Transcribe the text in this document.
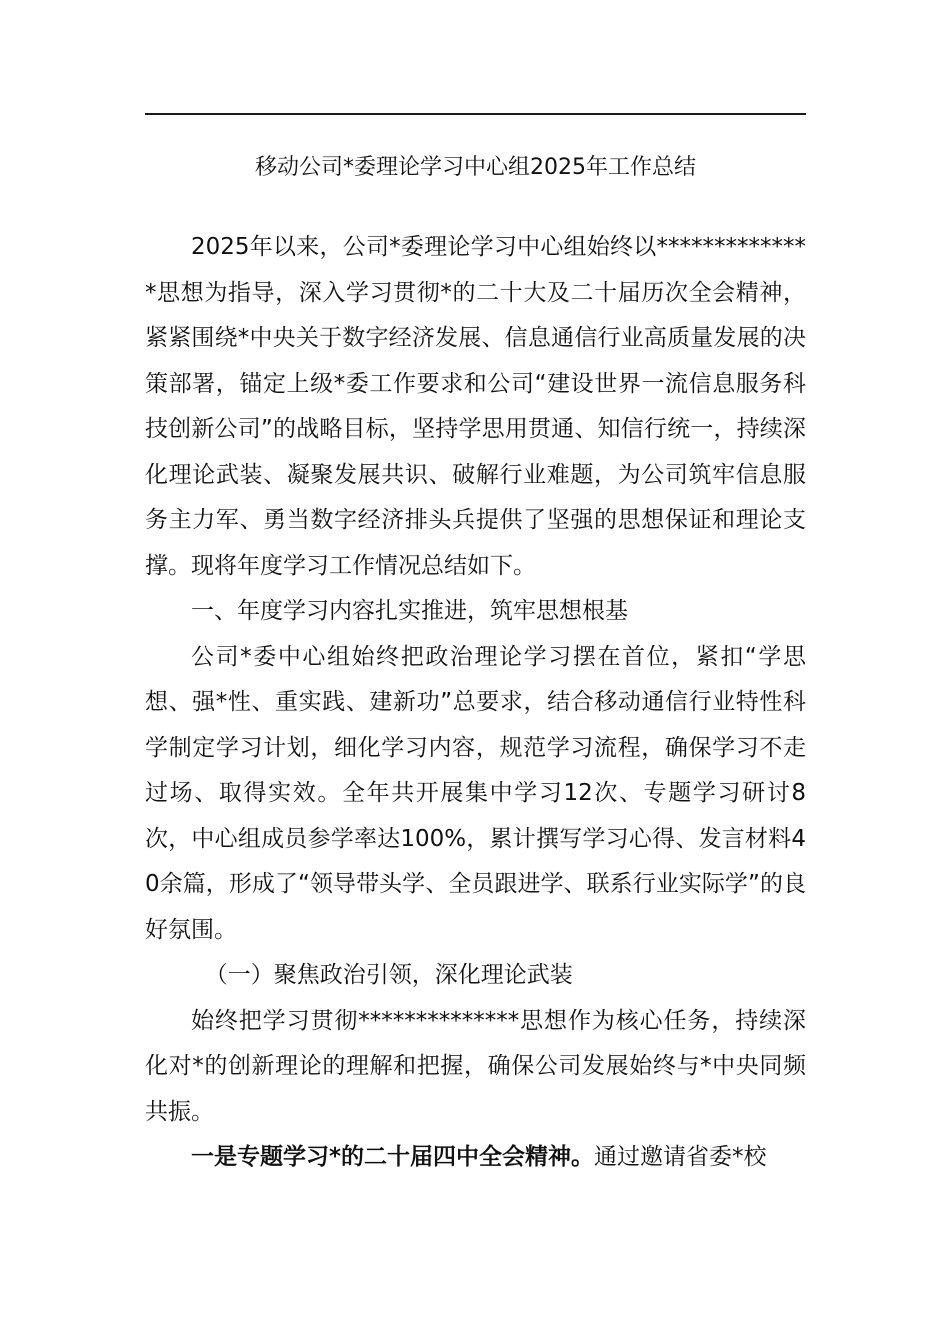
移动公司*委理论学习中心组2025年工作总结

2025年以来，公司*委理论学习中心组始终以**************思想为指导，深入学习贯彻*的二十大及二十届历次全会精神，紧紧围绕*中央关于数字经济发展、信息通信行业高质量发展的决策部署，锚定上级*委工作要求和公司“建设世界一流信息服务科技创新公司”的战略目标，坚持学思用贯通、知信行统一，持续深化理论武装、凝聚发展共识、破解行业难题，为公司筑牢信息服务主力军、勇当数字经济排头兵提供了坚强的思想保证和理论支撑。现将年度学习工作情况总结如下。

一、年度学习内容扎实推进，筑牢思想根基

公司*委中心组始终把政治理论学习摆在首位，紧扣“学思想、强*性、重实践、建新功”总要求，结合移动通信行业特性科学制定学习计划，细化学习内容，规范学习流程，确保学习不走过场、取得实效。全年共开展集中学习12次、专题学习研讨8次，中心组成员参学率达100%，累计撰写学习心得、发言材料40余篇，形成了“领导带头学、全员跟进学、联系行业实际学”的良好氛围。

（一）聚焦政治引领，深化理论武装

始终把学习贯彻**************思想作为核心任务，持续深化对*的创新理论的理解和把握，确保公司发展始终与*中央同频共振。

一是专题学习*的二十届四中全会精神。通过邀请省委*校
